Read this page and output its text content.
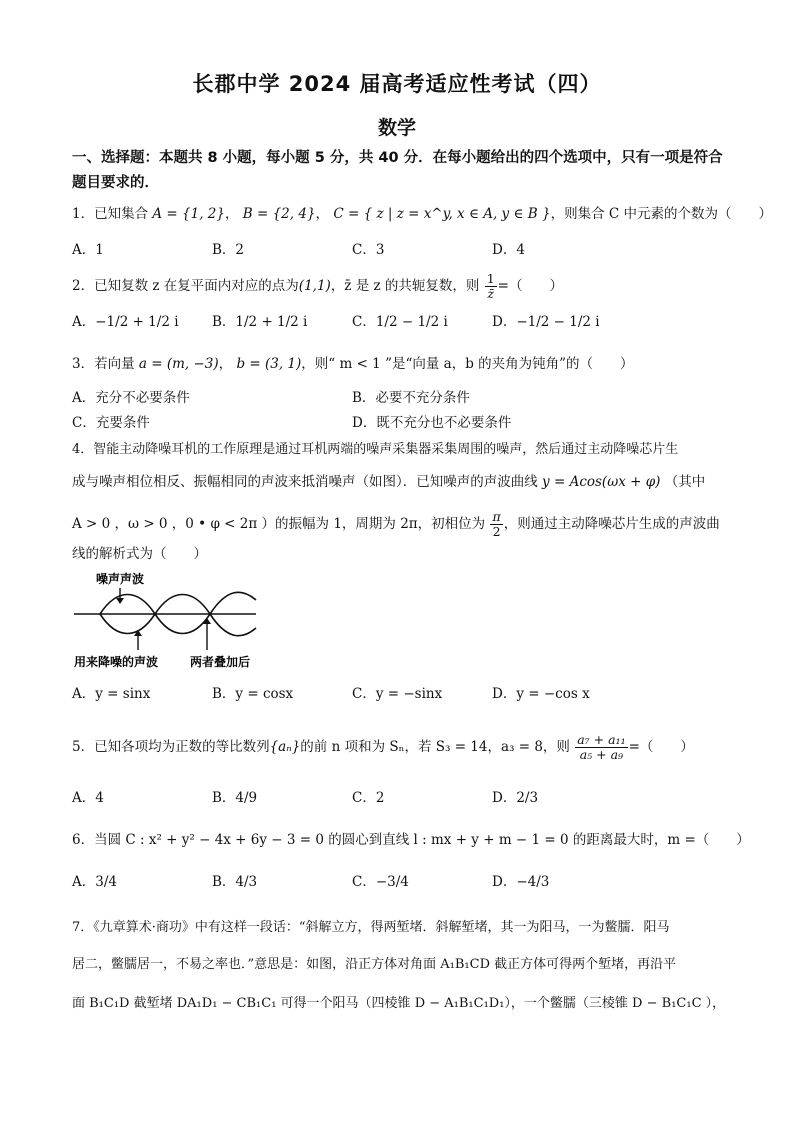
长郡中学 2024 届高考适应性考试（四）
数学
一、选择题：本题共 8 小题，每小题 5 分，共 40 分．在每小题给出的四个选项中，只有一项是符合题目要求的．
1．已知集合 A = {1, 2}， B = {2, 4}， C = { z | z = x^y, x ∈ A, y ∈ B }，则集合 C 中元素的个数为（　　）
A．1	B．2	C．3	D．4
2．已知复数 z 在复平面内对应的点为(1,1)，z̄ 是 z 的共轭复数，则 $\frac{1}{z̄}$ =（　　）
A．−1/2 + 1/2 i B．1/2 + 1/2 i	C．1/2 − 1/2 i	D．−1/2 − 1/2 i
3．若向量 a = (m, −3)， b = (3, 1)，则“ m < 1 ”是“向量 a，b 的夹角为钝角”的（　　）
A．充分不必要条件	B．必要不充分条件
C．充要条件	D．既不充分也不必要条件
4．智能主动降噪耳机的工作原理是通过耳机两端的噪声采集器采集周围的噪声，然后通过主动降噪芯片生
成与噪声相位相反、振幅相同的声波来抵消噪声（如图）．已知噪声的声波曲线 y = Acos(ωx + φ) （其中
A > 0 ，ω > 0 ，0 • φ < 2π ）的振幅为 1，周期为 2π，初相位为 $\frac{\pi}{2}$ ，则通过主动降噪芯片生成的声波曲
线的解析式为（　　）
噪声声波
用来降噪的声波	两者叠加后
A．y = sinx	B．y = cosx	C．y = −sinx	D．y = −cos x
5．已知各项均为正数的等比数列{aₙ}的前 n 项和为 Sₙ，若 S₃ = 14，a₃ = 8，则 $\frac{\text{a₇ + a₁₁}}{\text{a₅ + a₉}}$ =（　　）
A．4	B．4/9	C．2	D．2/3
6．当圆 C : x² + y² − 4x + 6y − 3 = 0 的圆心到直线 l : mx + y + m − 1 = 0 的距离最大时，m =（　　）
A．3/4	B．4/3	C．−3/4	D．−4/3
7．《九章算术·商功》中有这样一段话：“斜解立方，得两堑堵．斜解堑堵，其一为阳马，一为鳖臑．阳马
居二，鳖臑居一，不易之率也．”意思是：如图，沿正方体对角面 A₁B₁CD 截正方体可得两个堑堵，再沿平
面 B₁C₁D 截堑堵 DA₁D₁ − CB₁C₁ 可得一个阳马（四棱锥 D − A₁B₁C₁D₁），一个鳖臑（三棱锥 D − B₁C₁C ），
